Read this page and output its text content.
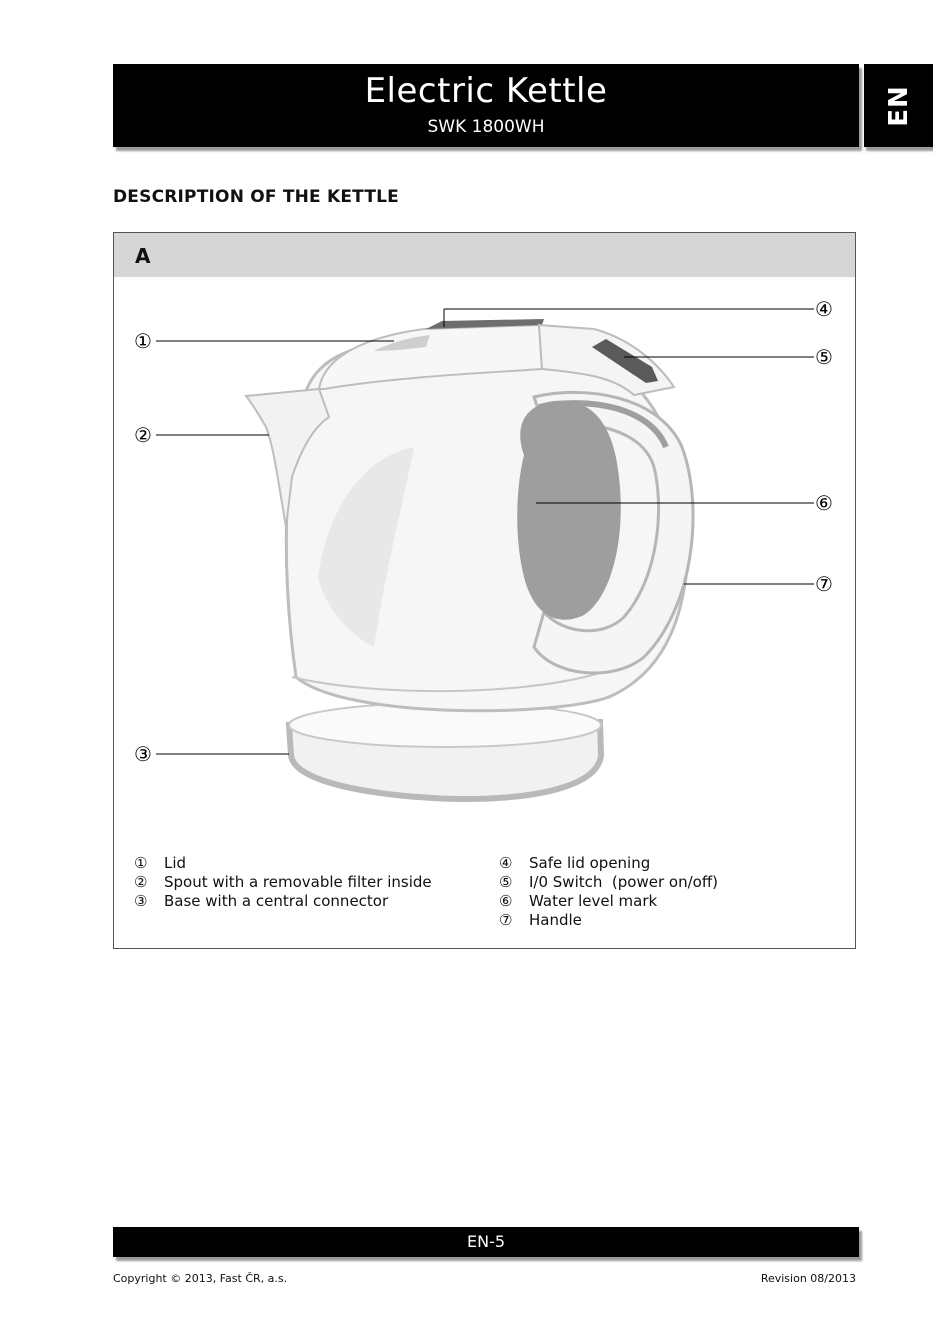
Electric Kettle
SWK 1800WH
EN
DESCRIPTION OF THE KETTLE
A
①
②
③
④
⑤
⑥
⑦
①	Lid
②	Spout with a removable filter inside
③	Base with a central connector
④	Safe lid opening
⑤	I/0 Switch  (power on/off)
⑥	Water level mark
⑦	Handle
EN-5
Copyright © 2013, Fast ČR, a.s.	Revision 08/2013
